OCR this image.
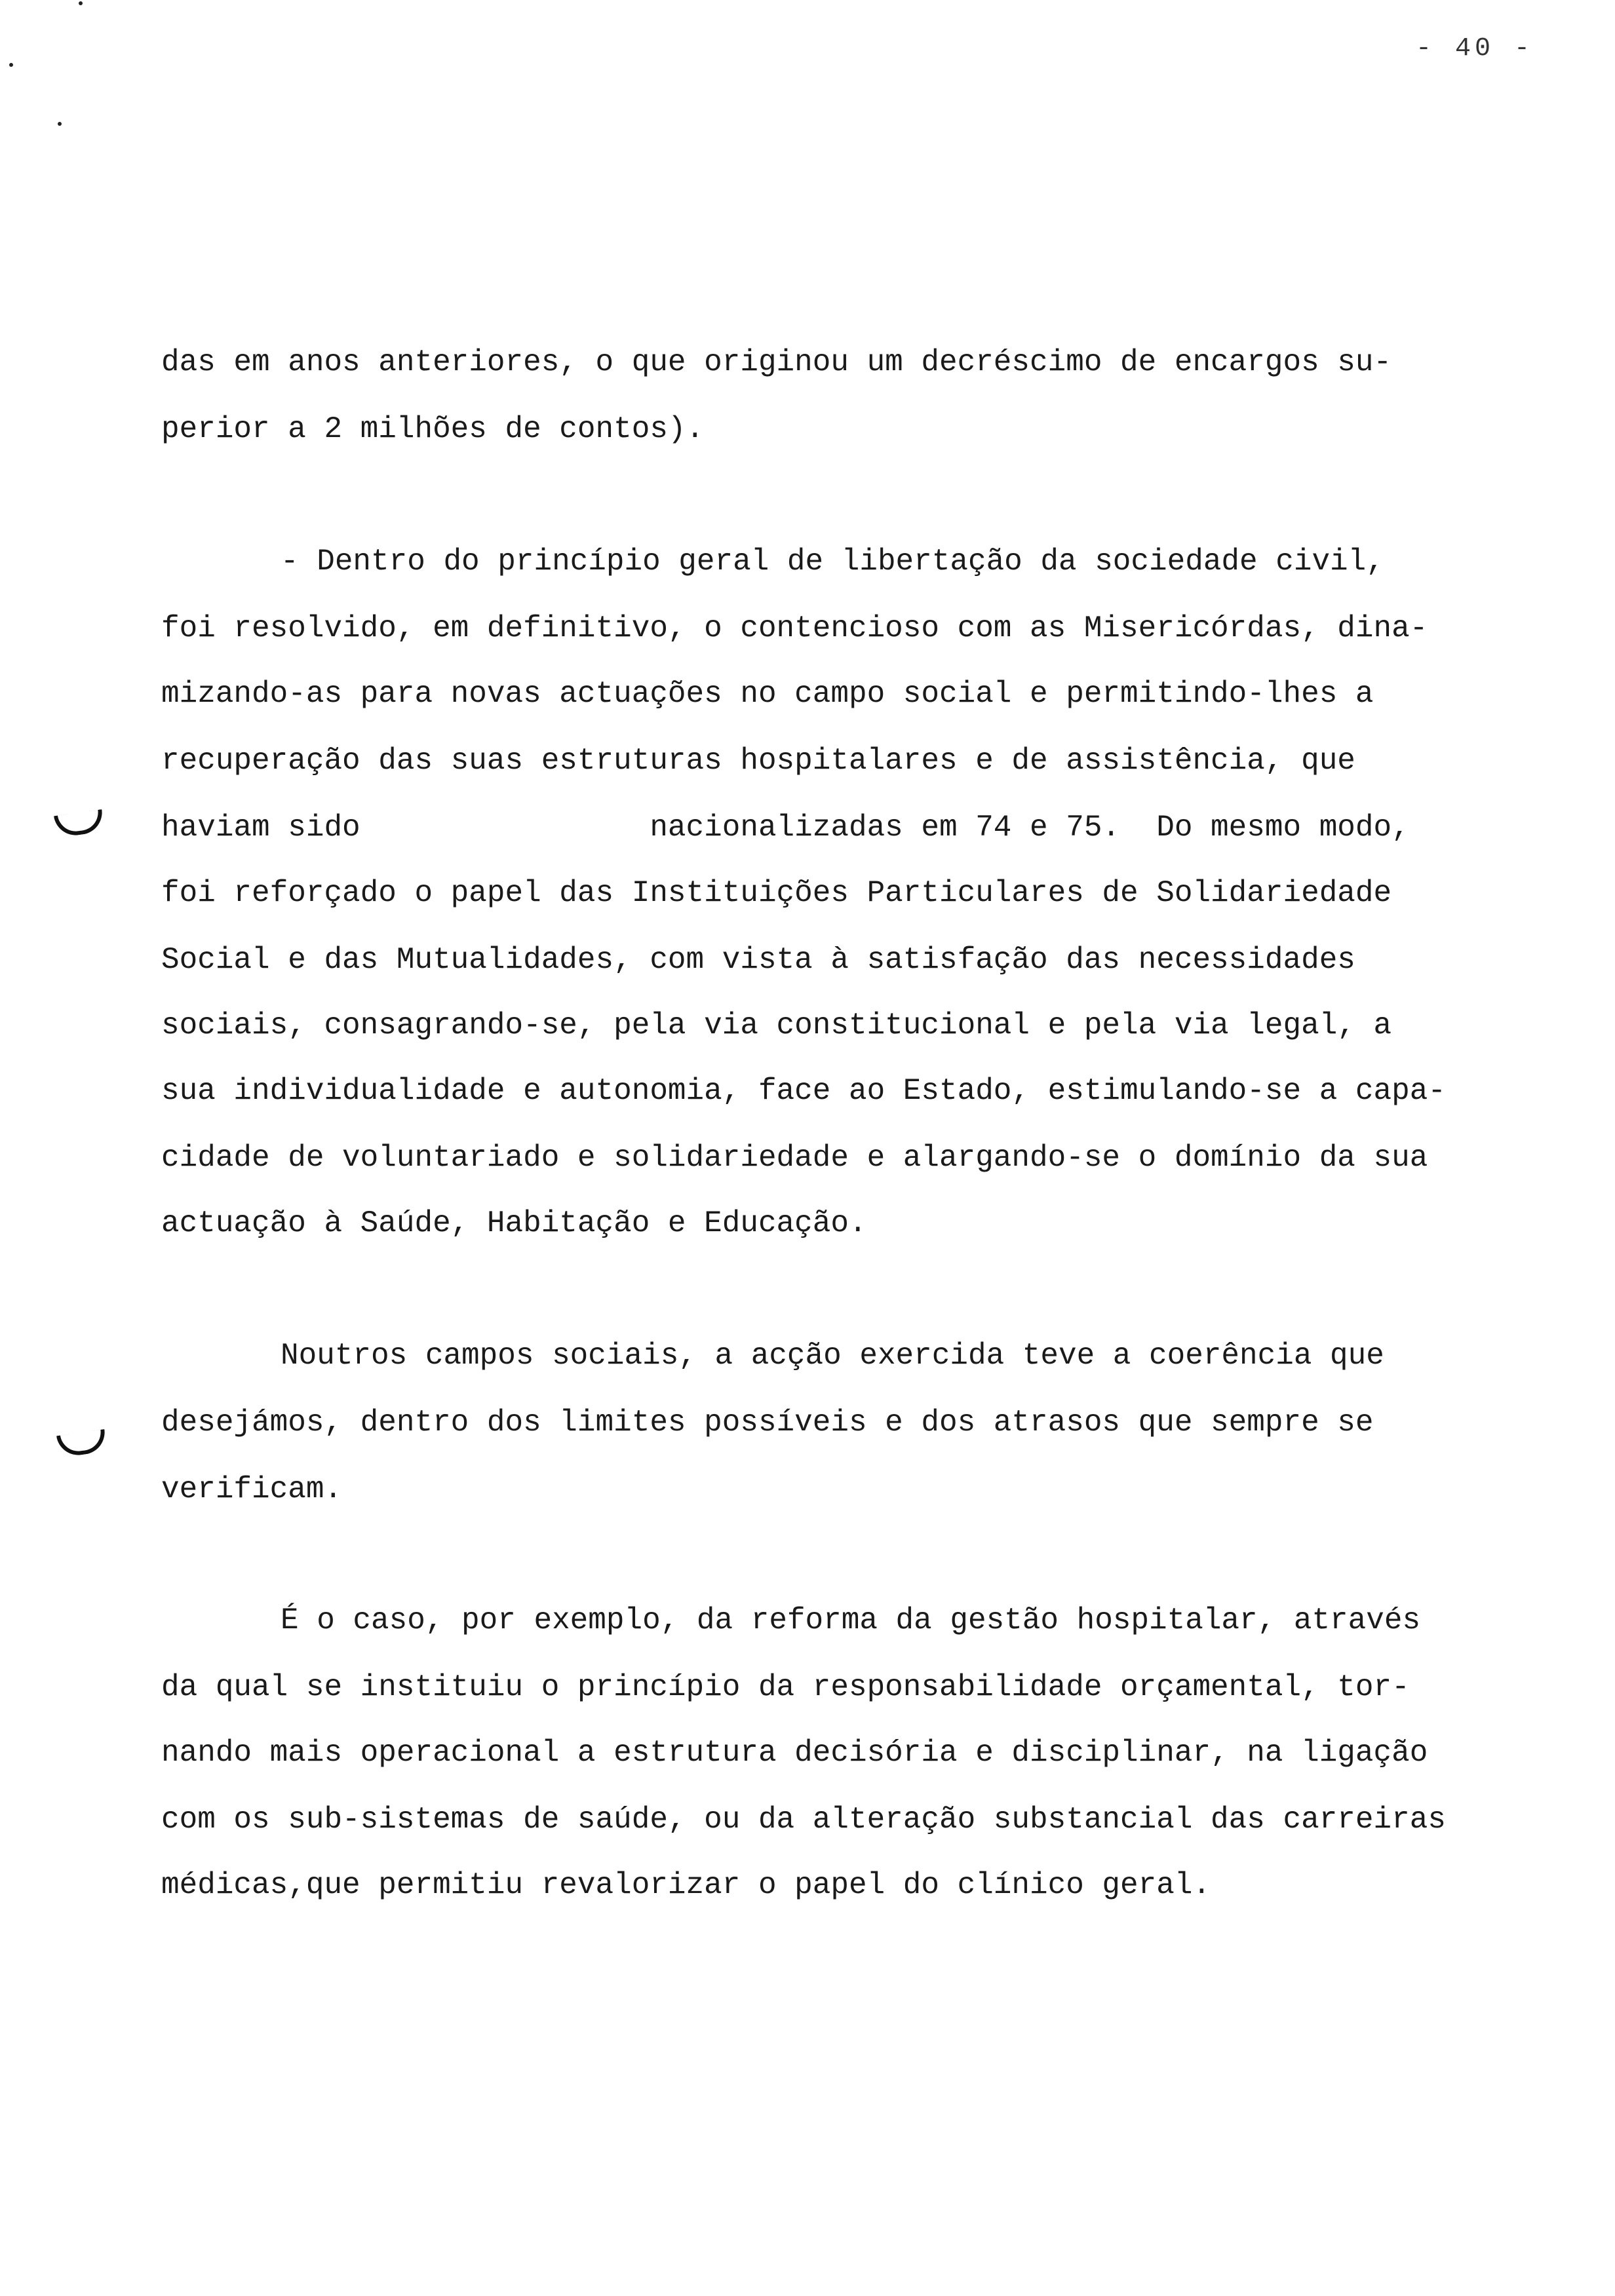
- 40 -
das em anos anteriores, o que originou um decréscimo de encargos su-
perior a 2 milhões de contos).
- Dentro do princípio geral de libertação da sociedade civil,
foi resolvido, em definitivo, o contencioso com as Misericórdas, dina-
mizando-as para novas actuações no campo social e permitindo-lhes a
recuperação das suas estruturas hospitalares e de assistência, que
haviam sido                nacionalizadas em 74 e 75.  Do mesmo modo,
foi reforçado o papel das Instituições Particulares de Solidariedade
Social e das Mutualidades, com vista à satisfação das necessidades
sociais, consagrando-se, pela via constitucional e pela via legal, a
sua individualidade e autonomia, face ao Estado, estimulando-se a capa-
cidade de voluntariado e solidariedade e alargando-se o domínio da sua
actuação à Saúde, Habitação e Educação.
Noutros campos sociais, a acção exercida teve a coerência que
desejámos, dentro dos limites possíveis e dos atrasos que sempre se
verificam.
É o caso, por exemplo, da reforma da gestão hospitalar, através
da qual se instituiu o princípio da responsabilidade orçamental, tor-
nando mais operacional a estrutura decisória e disciplinar, na ligação
com os sub-sistemas de saúde, ou da alteração substancial das carreiras
médicas,que permitiu revalorizar o papel do clínico geral.
